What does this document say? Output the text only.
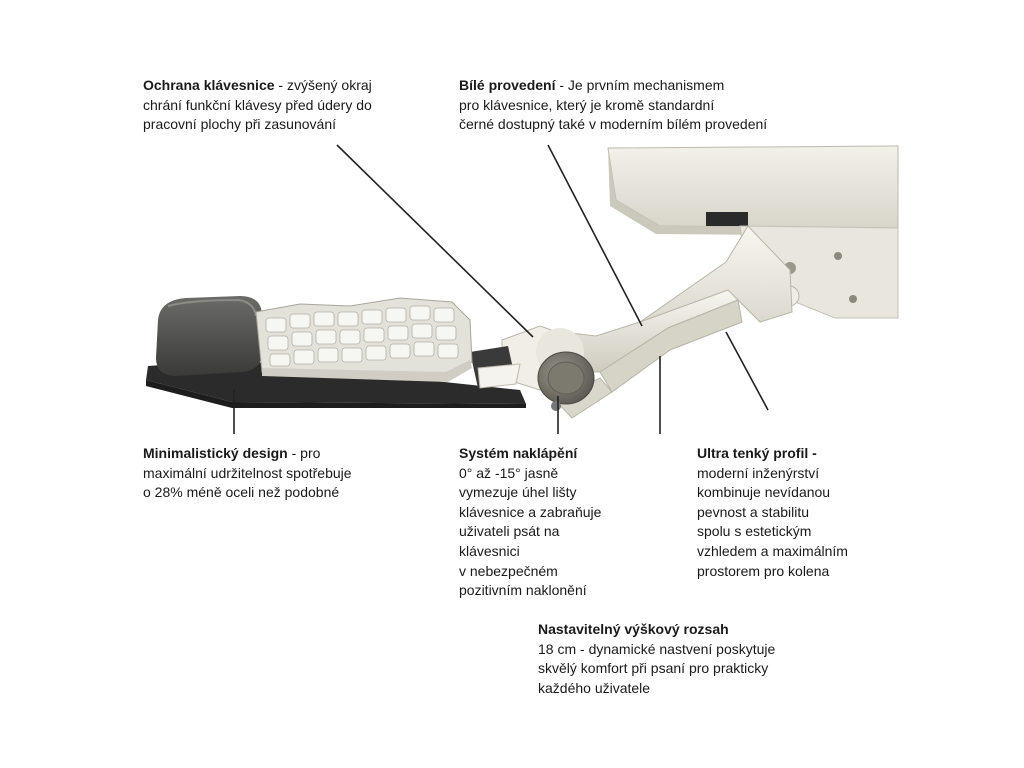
Ochrana klávesnice - zvýšený okraj
chrání funkční klávesy před údery do
pracovní plochy při zasunování
Bílé provedení - Je prvním mechanismem
pro klávesnice, který je kromě standardní
černé dostupný také v moderním bílém provedení
Minimalistický design - pro
maximální udržitelnost spotřebuje
o 28% méně oceli než podobné
Systém naklápění
0° až -15° jasně
vymezuje úhel lišty
klávesnice a zabraňuje
uživateli psát na
klávesnici
v nebezpečném
pozitivním naklonění
Ultra tenký profil -
moderní inženýrství
kombinuje nevídanou
pevnost a stabilitu
spolu s estetickým
vzhledem a maximálním
prostorem pro kolena
Nastavitelný výškový rozsah
18 cm - dynamické nastvení poskytuje
skvělý komfort při psaní pro prakticky
každého uživatele
